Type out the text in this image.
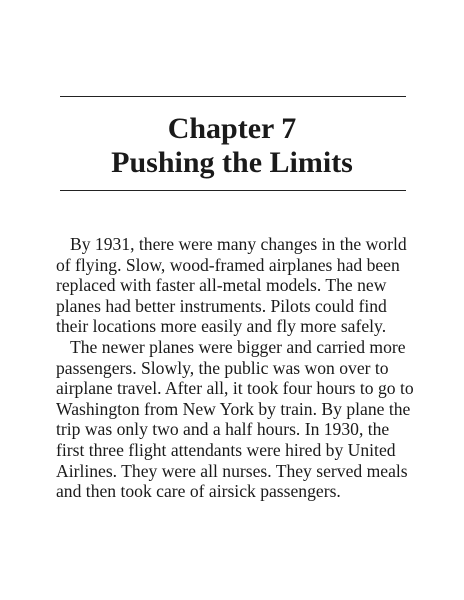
Chapter 7
Pushing the Limits

By 1931, there were many changes in the world
of flying. Slow, wood-framed airplanes had been
replaced with faster all-metal models. The new
planes had better instruments. Pilots could find
their locations more easily and fly more safely.

The newer planes were bigger and carried more
passengers. Slowly, the public was won over to
airplane travel. After all, it took four hours to go to
Washington from New York by train. By plane the
trip was only two and a half hours. In 1930, the
first three flight attendants were hired by United
Airlines. They were all nurses. They served meals
and then took care of airsick passengers.
